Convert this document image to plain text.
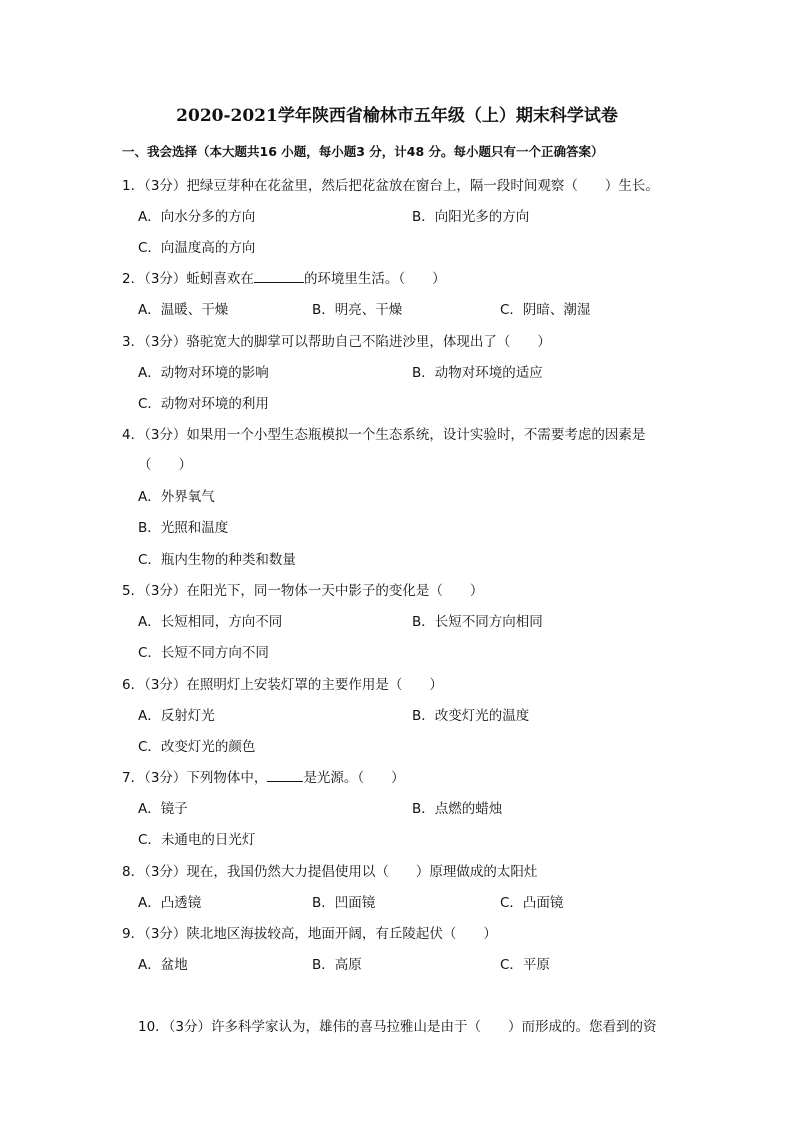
2020-2021学年陕西省榆林市五年级（上）期末科学试卷
一、我会选择（本大题共16 小题，每小题3 分，计48 分。每小题只有一个正确答案）
1．（3分）把绿豆芽种在花盆里，然后把花盆放在窗台上，隔一段时间观察（　　）生长。
A．向水分多的方向	B．向阳光多的方向
C．向温度高的方向
2．（3分）蚯蚓喜欢在	的环境里生活。（　　）
A．温暖、干燥	B．明亮、干燥	C．阴暗、潮湿
3．（3分）骆驼宽大的脚掌可以帮助自己不陷进沙里，体现出了（　　）
A．动物对环境的影响	B．动物对环境的适应
C．动物对环境的利用
4．（3分）如果用一个小型生态瓶模拟一个生态系统，设计实验时，不需要考虑的因素是
（　　）
A．外界氧气
B．光照和温度
C．瓶内生物的种类和数量
5．（3分）在阳光下，同一物体一天中影子的变化是（　　）
A．长短相同，方向不同	B．长短不同方向相同
C．长短不同方向不同
6．（3分）在照明灯上安装灯罩的主要作用是（　　）
A．反射灯光	B．改变灯光的温度
C．改变灯光的颜色
7．（3分）下列物体中，	是光源。（　　）
A．镜子	B．点燃的蜡烛
C．未通电的日光灯
8．（3分）现在，我国仍然大力提倡使用以（　　）原理做成的太阳灶
A．凸透镜	B．凹面镜	C．凸面镜
9．（3分）陕北地区海拔较高，地面开阔，有丘陵起伏（　　）
A．盆地	B．高原	C．平原
10．（3分）许多科学家认为，雄伟的喜马拉雅山是由于（　　）而形成的。您看到的资
